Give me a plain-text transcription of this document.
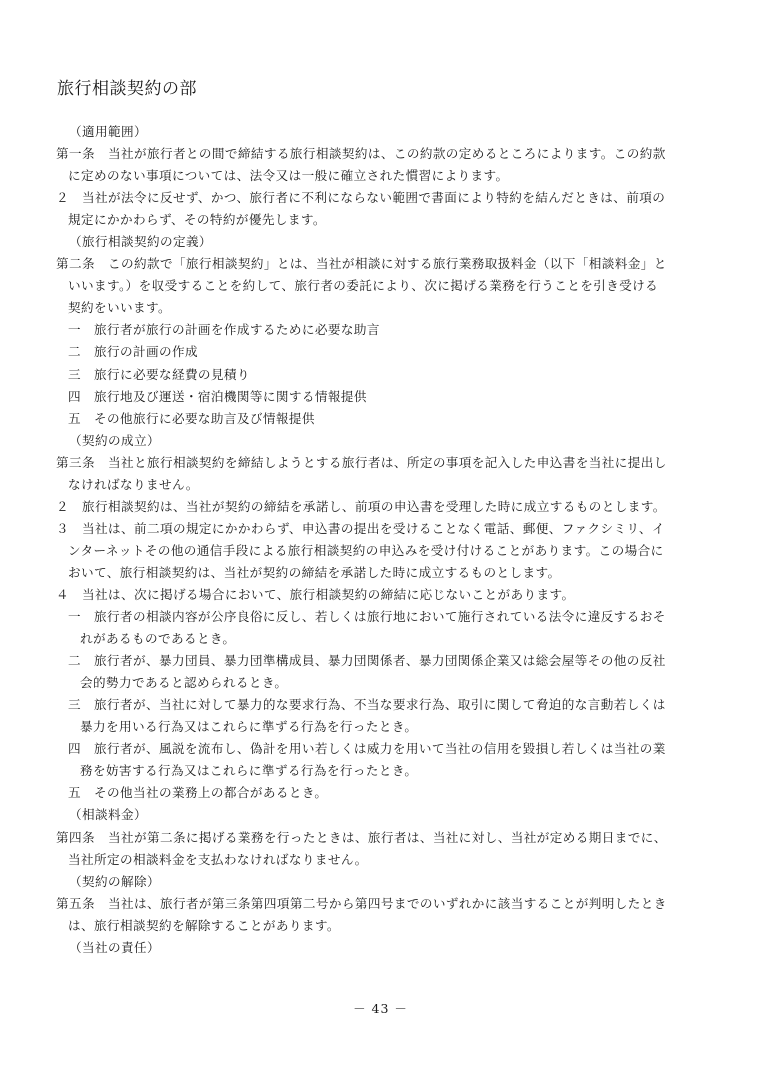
旅行相談契約の部
（適用範囲）
第一条　当社が旅行者との間で締結する旅行相談契約は、この約款の定めるところによります。この約款
に定めのない事項については、法令又は一般に確立された慣習によります。
２　当社が法令に反せず、かつ、旅行者に不利にならない範囲で書面により特約を結んだときは、前項の
規定にかかわらず、その特約が優先します。
（旅行相談契約の定義）
第二条　この約款で「旅行相談契約」とは、当社が相談に対する旅行業務取扱料金（以下「相談料金」と
いいます。）を収受することを約して、旅行者の委託により、次に掲げる業務を行うことを引き受ける
契約をいいます。
一　旅行者が旅行の計画を作成するために必要な助言
二　旅行の計画の作成
三　旅行に必要な経費の見積り
四　旅行地及び運送・宿泊機関等に関する情報提供
五　その他旅行に必要な助言及び情報提供
（契約の成立）
第三条　当社と旅行相談契約を締結しようとする旅行者は、所定の事項を記入した申込書を当社に提出し
なければなりません。
２　旅行相談契約は、当社が契約の締結を承諾し、前項の申込書を受理した時に成立するものとします。
３　当社は、前二項の規定にかかわらず、申込書の提出を受けることなく電話、郵便、ファクシミリ、イ
ンターネットその他の通信手段による旅行相談契約の申込みを受け付けることがあります。この場合に
おいて、旅行相談契約は、当社が契約の締結を承諾した時に成立するものとします。
４　当社は、次に掲げる場合において、旅行相談契約の締結に応じないことがあります。
一　旅行者の相談内容が公序良俗に反し、若しくは旅行地において施行されている法令に違反するおそ
れがあるものであるとき。
二　旅行者が、暴力団員、暴力団準構成員、暴力団関係者、暴力団関係企業又は総会屋等その他の反社
会的勢力であると認められるとき。
三　旅行者が、当社に対して暴力的な要求行為、不当な要求行為、取引に関して脅迫的な言動若しくは
暴力を用いる行為又はこれらに準ずる行為を行ったとき。
四　旅行者が、風説を流布し、偽計を用い若しくは威力を用いて当社の信用を毀損し若しくは当社の業
務を妨害する行為又はこれらに準ずる行為を行ったとき。
五　その他当社の業務上の都合があるとき。
（相談料金）
第四条　当社が第二条に掲げる業務を行ったときは、旅行者は、当社に対し、当社が定める期日までに、
当社所定の相談料金を支払わなければなりません。
（契約の解除）
第五条　当社は、旅行者が第三条第四項第二号から第四号までのいずれかに該当することが判明したとき
は、旅行相談契約を解除することがあります。
（当社の責任）
－ 43 －
